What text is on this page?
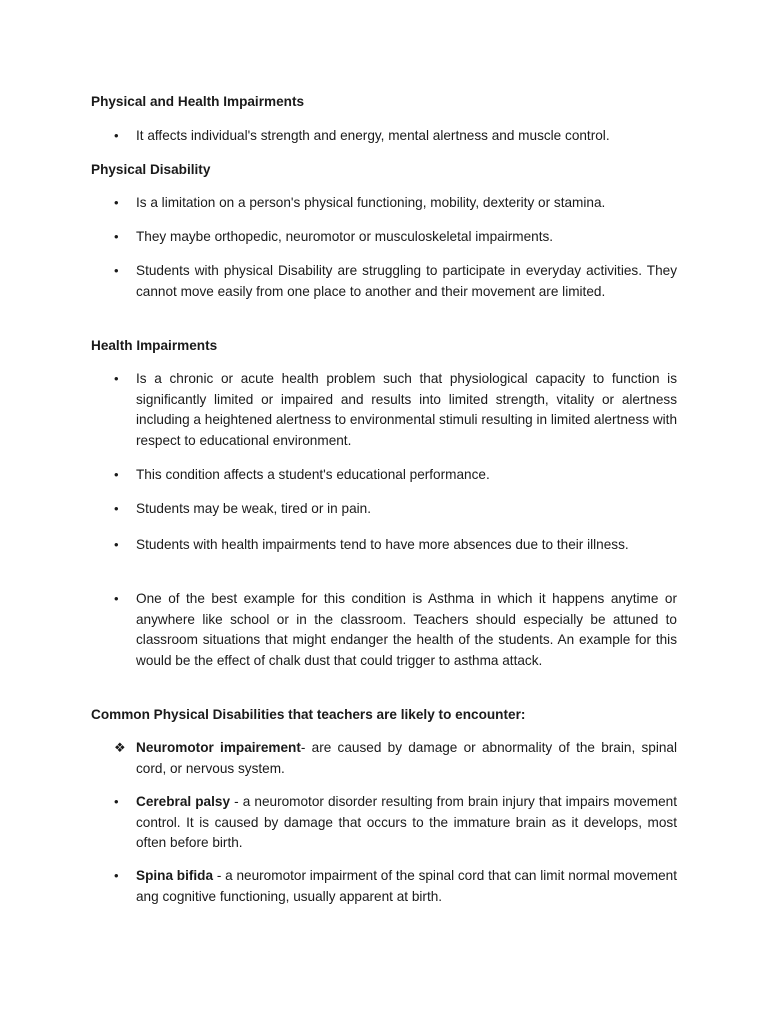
Physical and Health Impairments
•	It affects individual's strength and energy, mental alertness and muscle control.
Physical Disability
•	Is a limitation on a person's physical functioning, mobility, dexterity or stamina.
•	They maybe orthopedic, neuromotor or musculoskeletal impairments.
•	Students with physical Disability are struggling to participate in everyday activities. They cannot move easily from one place to another and their movement are limited.
Health Impairments
•	Is a chronic or acute health problem such that physiological capacity to function is significantly limited or impaired and results into limited strength, vitality or alertness including a heightened alertness to environmental stimuli resulting in limited alertness with respect to educational environment.
•	This condition affects a student's educational performance.
•	Students may be weak, tired or in pain.
•	Students with health impairments tend to have more absences due to their illness.
•	One of the best example for this condition is Asthma in which it happens anytime or anywhere like school or in the classroom. Teachers should especially be attuned to classroom situations that might endanger the health of the students. An example for this would be the effect of chalk dust that could trigger to asthma attack.
Common Physical Disabilities that teachers are likely to encounter:
❖ Neuromotor impairement- are caused by damage or abnormality of the brain, spinal cord, or nervous system.
•	Cerebral palsy - a neuromotor disorder resulting from brain injury that impairs movement control. It is caused by damage that occurs to the immature brain as it develops, most often before birth.
•	Spina bifida - a neuromotor impairment of the spinal cord that can limit normal movement ang cognitive functioning, usually apparent at birth.
